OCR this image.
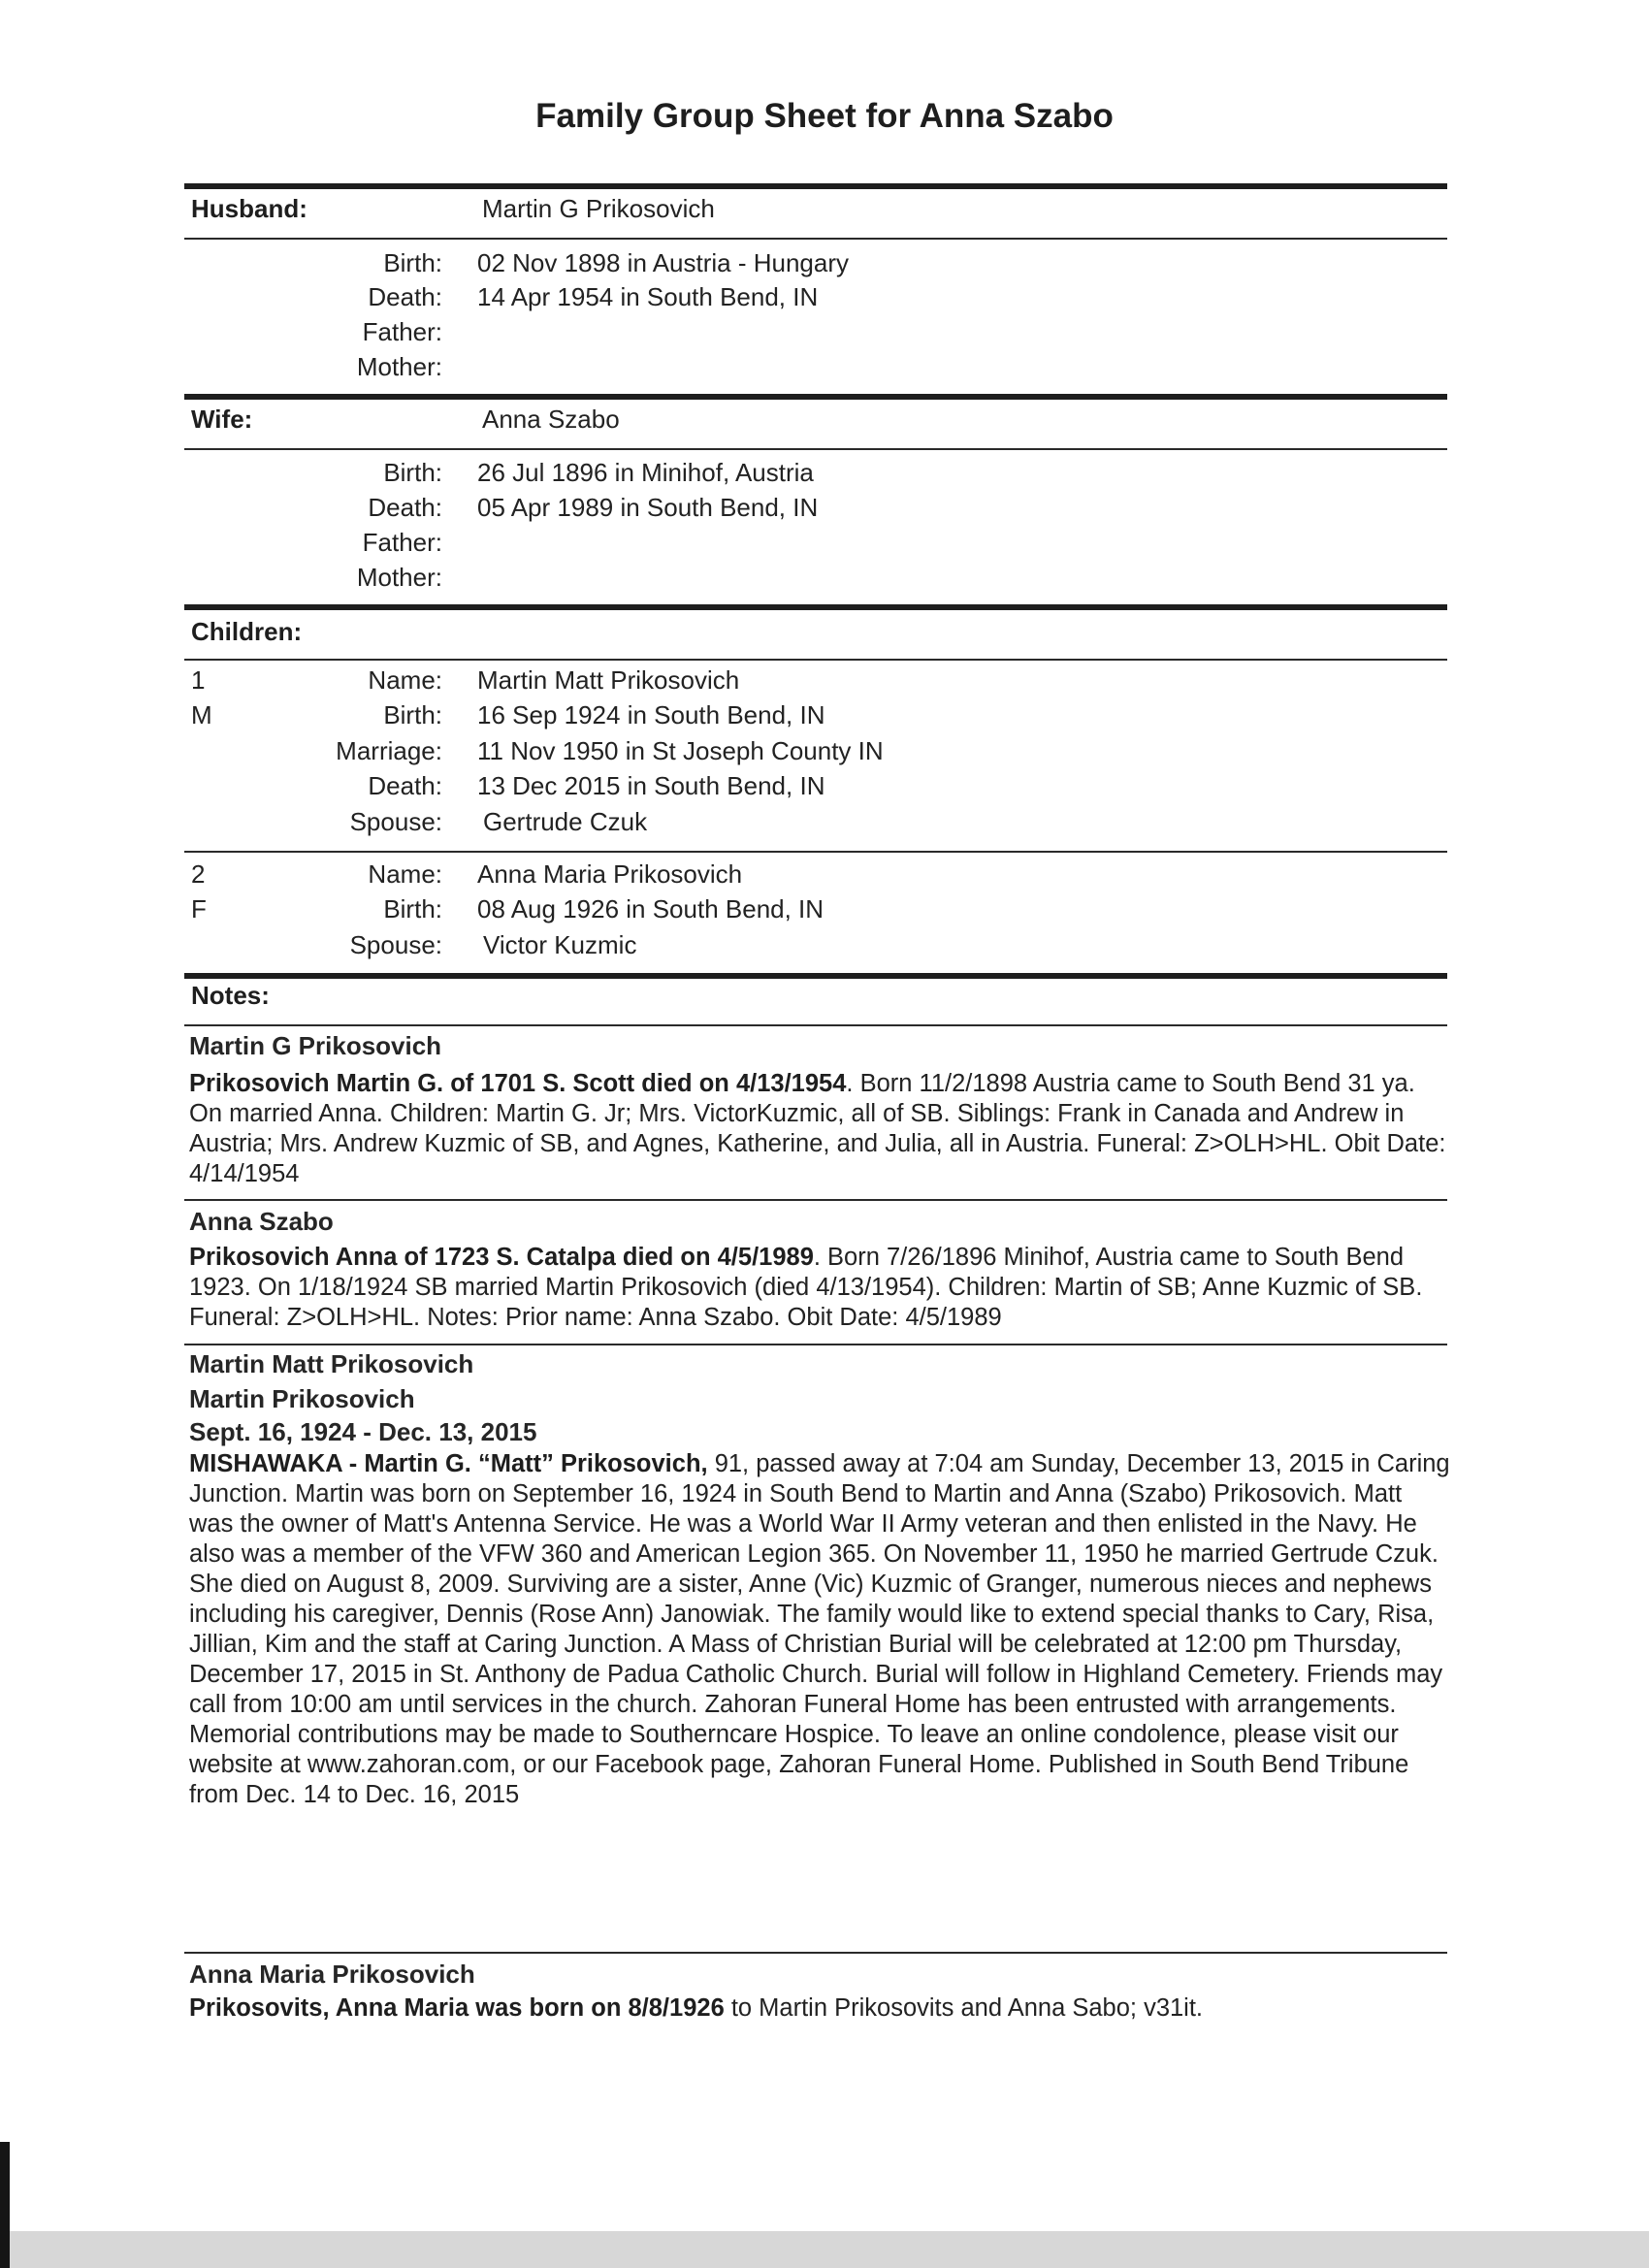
Family Group Sheet for Anna Szabo
Husband:	Martin G Prikosovich
Birth: 02 Nov 1898 in Austria - Hungary
Death: 14 Apr 1954 in South Bend, IN
Father:
Mother:
Wife:	Anna Szabo
Birth: 26 Jul 1896 in Minihof, Austria
Death: 05 Apr 1989 in South Bend, IN
Father:
Mother:
Children:
1
M
Name: Martin Matt Prikosovich
Birth: 16 Sep 1924 in South Bend, IN
Marriage: 11 Nov 1950 in St Joseph County IN
Death: 13 Dec 2015 in South Bend, IN
Spouse: Gertrude Czuk
2
F
Name: Anna Maria Prikosovich
Birth: 08 Aug 1926 in South Bend, IN
Spouse: Victor Kuzmic
Notes:
Martin G Prikosovich
Prikosovich Martin G. of 1701 S. Scott died on 4/13/1954. Born 11/2/1898 Austria came to South Bend 31 ya. On married Anna. Children: Martin G. Jr; Mrs. VictorKuzmic, all of SB. Siblings: Frank in Canada and Andrew in Austria; Mrs. Andrew Kuzmic of SB, and Agnes, Katherine, and Julia, all in Austria. Funeral: Z>OLH>HL. Obit Date: 4/14/1954
Anna Szabo
Prikosovich Anna of 1723 S. Catalpa died on 4/5/1989. Born 7/26/1896 Minihof, Austria came to South Bend 1923. On 1/18/1924 SB married Martin Prikosovich (died 4/13/1954). Children: Martin of SB; Anne Kuzmic of SB. Funeral: Z>OLH>HL. Notes: Prior name: Anna Szabo. Obit Date: 4/5/1989
Martin Matt Prikosovich
Martin Prikosovich
Sept. 16, 1924 - Dec. 13, 2015
MISHAWAKA - Martin G. “Matt” Prikosovich, 91, passed away at 7:04 am Sunday, December 13, 2015 in Caring Junction. Martin was born on September 16, 1924 in South Bend to Martin and Anna (Szabo) Prikosovich. Matt was the owner of Matt's Antenna Service. He was a World War II Army veteran and then enlisted in the Navy. He also was a member of the VFW 360 and American Legion 365. On November 11, 1950 he married Gertrude Czuk. She died on August 8, 2009. Surviving are a sister, Anne (Vic) Kuzmic of Granger, numerous nieces and nephews including his caregiver, Dennis (Rose Ann) Janowiak. The family would like to extend special thanks to Cary, Risa, Jillian, Kim and the staff at Caring Junction. A Mass of Christian Burial will be celebrated at 12:00 pm Thursday, December 17, 2015 in St. Anthony de Padua Catholic Church. Burial will follow in Highland Cemetery. Friends may call from 10:00 am until services in the church. Zahoran Funeral Home has been entrusted with arrangements. Memorial contributions may be made to Southerncare Hospice. To leave an online condolence, please visit our website at www.zahoran.com, or our Facebook page, Zahoran Funeral Home. Published in South Bend Tribune from Dec. 14 to Dec. 16, 2015
Anna Maria Prikosovich
Prikosovits, Anna Maria was born on 8/8/1926 to Martin Prikosovits and Anna Sabo; v31it.
